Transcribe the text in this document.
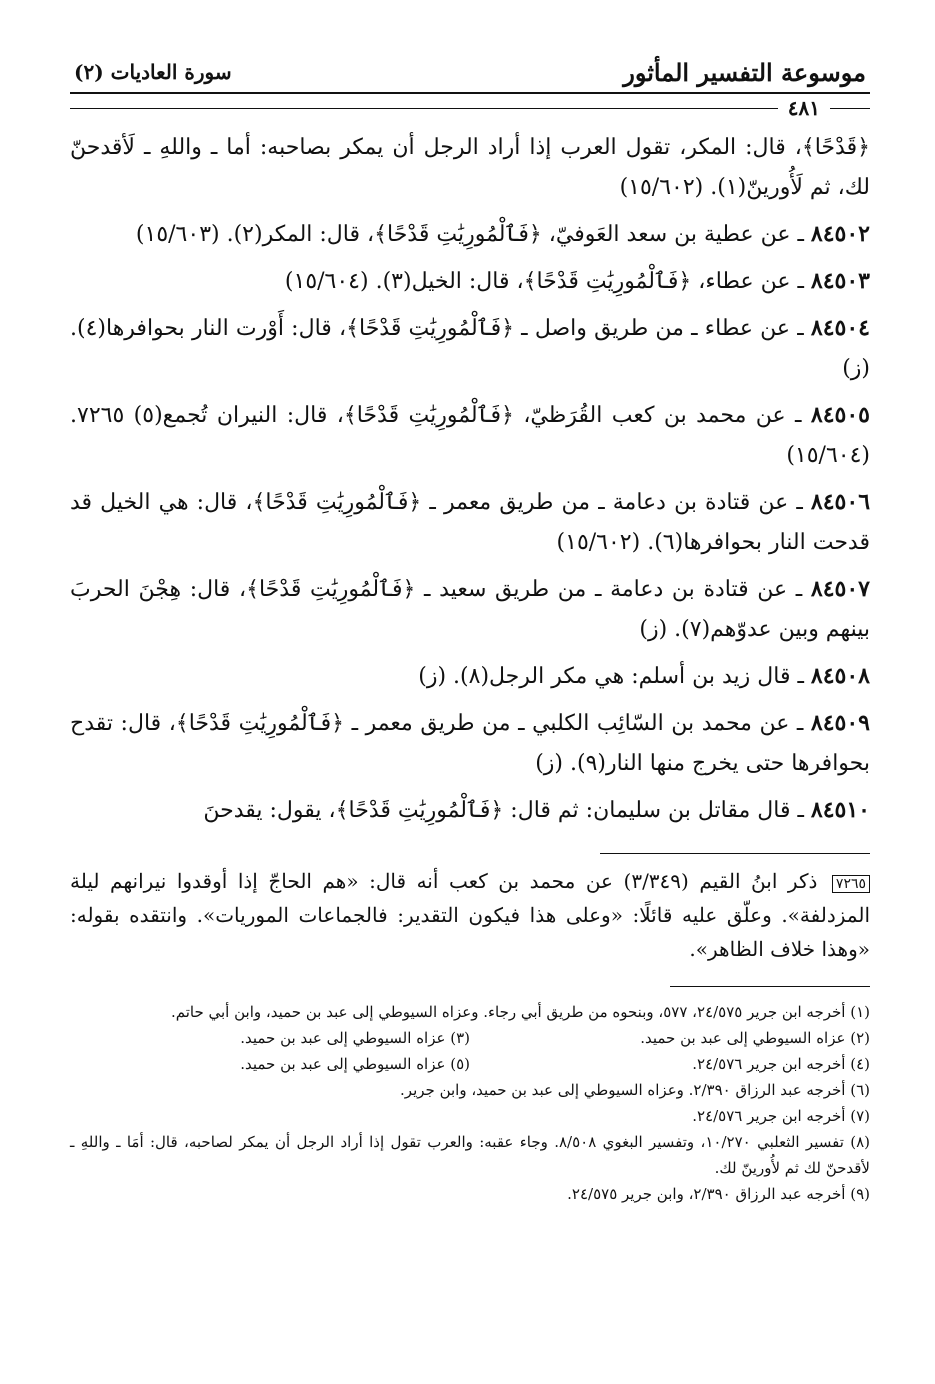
موسوعة التفسير المأثور
سورة العاديات (٢)
٤٨١

﴿قَدْحًا﴾، قال: المكر، تقول العرب إذا أراد الرجل أن يمكر بصاحبه: أما ـ واللهِ ـ لَأقدحنّ لك، ثم لَأُورينّ(١). (١٥/٦٠٢)

٨٤٥٠٢ ـ عن عطية بن سعد العَوفيّ، ﴿فَٱلْمُورِيَٰتِ قَدْحًا﴾، قال: المكر(٢). (١٥/٦٠٣)

٨٤٥٠٣ ـ عن عطاء، ﴿فَٱلْمُورِيَٰتِ قَدْحًا﴾، قال: الخيل(٣). (١٥/٦٠٤)

٨٤٥٠٤ ـ عن عطاء ـ من طريق واصل ـ ﴿فَٱلْمُورِيَٰتِ قَدْحًا﴾، قال: أَوْرت النار بحوافرها(٤). (ز)

٨٤٥٠٥ ـ عن محمد بن كعب القُرَظيّ، ﴿فَٱلْمُورِيَٰتِ قَدْحًا﴾، قال: النيران تُجمع(٥) ٧٢٦٥. (١٥/٦٠٤)

٨٤٥٠٦ ـ عن قتادة بن دعامة ـ من طريق معمر ـ ﴿فَٱلْمُورِيَٰتِ قَدْحًا﴾، قال: هي الخيل قد قدحت النار بحوافرها(٦). (١٥/٦٠٢)

٨٤٥٠٧ ـ عن قتادة بن دعامة ـ من طريق سعيد ـ ﴿فَٱلْمُورِيَٰتِ قَدْحًا﴾، قال: هِجْنَ الحربَ بينهم وبين عدوّهم(٧). (ز)

٨٤٥٠٨ ـ قال زيد بن أسلم: هي مكر الرجل(٨). (ز)

٨٤٥٠٩ ـ عن محمد بن السّائِب الكلبي ـ من طريق معمر ـ ﴿فَٱلْمُورِيَٰتِ قَدْحًا﴾، قال: تقدح بحوافرها حتى يخرج منها النار(٩). (ز)

٨٤٥١٠ ـ قال مقاتل بن سليمان: ثم قال: ﴿فَٱلْمُورِيَٰتِ قَدْحًا﴾، يقول: يقدحنَ

٧٢٦٥ ذكر ابنُ القيم (٣/٣٤٩) عن محمد بن كعب أنه قال: «هم الحاجّ إذا أوقدوا نيرانهم ليلة المزدلفة». وعلّق عليه قائلًا: «وعلى هذا فيكون التقدير: فالجماعات الموريات». وانتقده بقوله: «وهذا خلاف الظاهر».
(١) أخرجه ابن جرير ٢٤/٥٧٥، ٥٧٧، وبنحوه من طريق أبي رجاء. وعزاه السيوطي إلى عبد بن حميد، وابن أبي حاتم.
(٢) عزاه السيوطي إلى عبد بن حميد.
(٣) عزاه السيوطي إلى عبد بن حميد.
(٤) أخرجه ابن جرير ٢٤/٥٧٦.
(٥) عزاه السيوطي إلى عبد بن حميد.
(٦) أخرجه عبد الرزاق ٢/٣٩٠. وعزاه السيوطي إلى عبد بن حميد، وابن جرير.
(٧) أخرجه ابن جرير ٢٤/٥٧٦.
(٨) تفسير الثعلبي ١٠/٢٧٠، وتفسير البغوي ٨/٥٠٨. وجاء عقبه: والعرب تقول إذا أراد الرجل أن يمكر لصاحبه، قال: أمَا ـ واللهِ ـ لأقدحنّ لك ثم لأُورينّ لك.
(٩) أخرجه عبد الرزاق ٢/٣٩٠، وابن جرير ٢٤/٥٧٥.
